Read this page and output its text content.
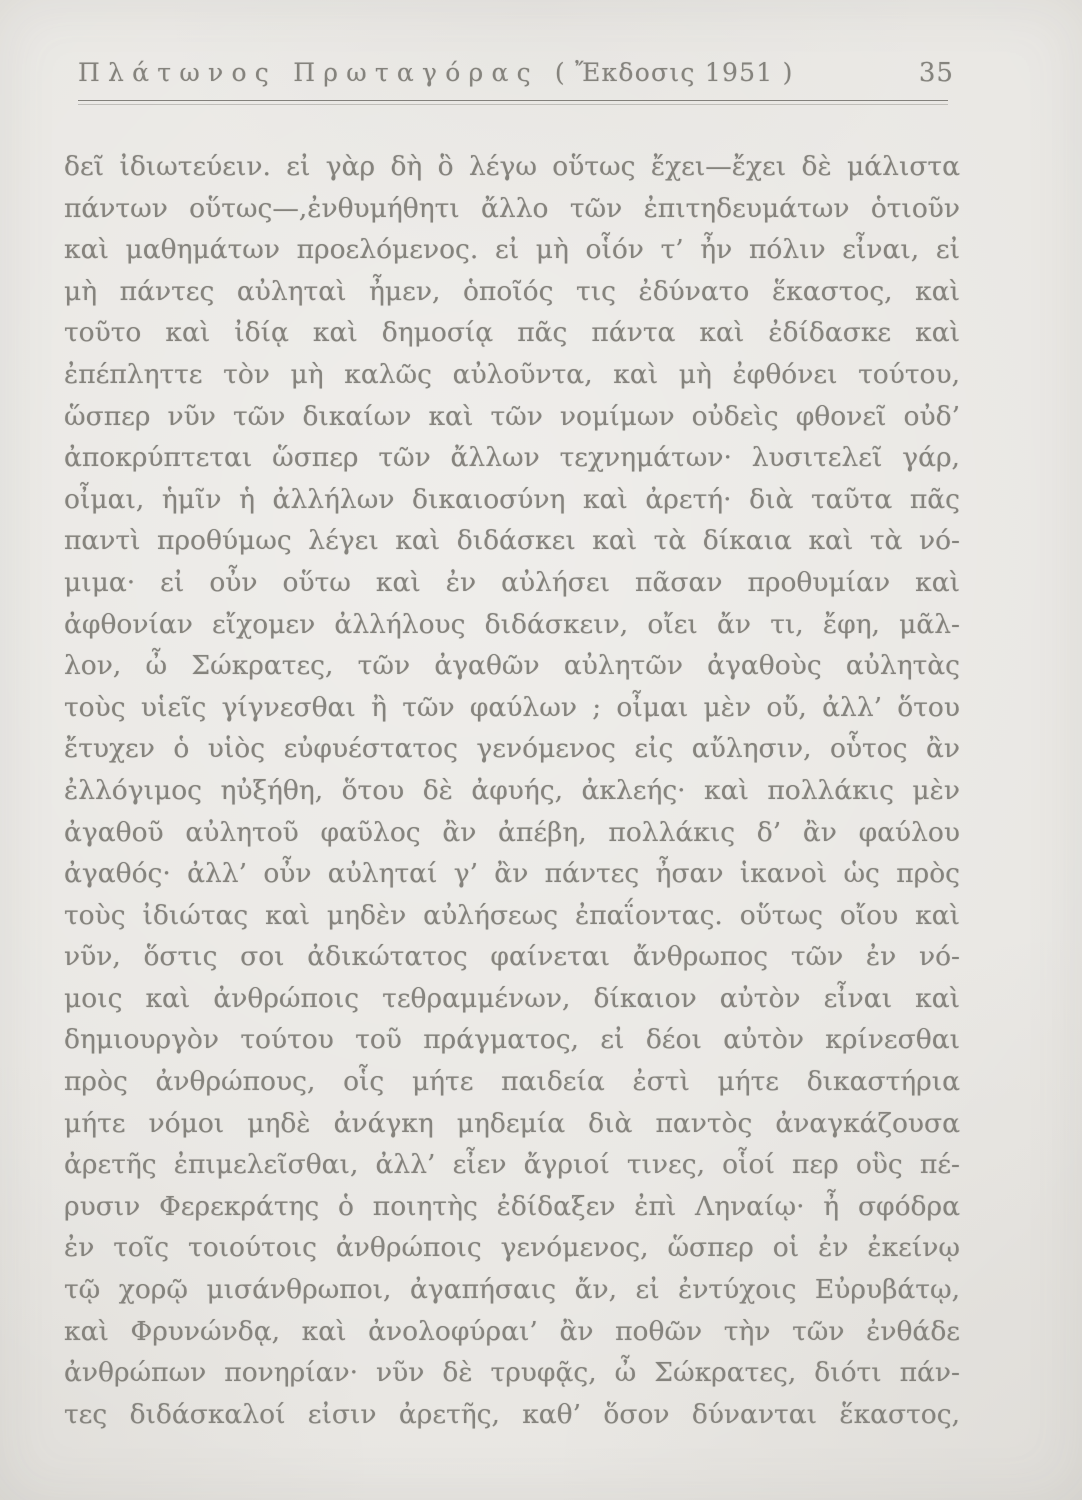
Πλάτωνος Πρωταγόρας ( Ἔκδοσις 1951 )	35
δεῖ ἰδιωτεύειν. εἰ γὰρ δὴ ὃ λέγω οὕτως ἔχει—ἔχει δὲ μάλιστα
πάντων οὕτως—,ἐνθυμήθητι ἄλλο τῶν ἐπιτηδευμάτων ὁτιοῦν
καὶ μαθημάτων προελόμενος. εἰ μὴ οἷόν τ’ ἦν πόλιν εἶναι, εἰ
μὴ πάντες αὐληταὶ ἦμεν, ὁποῖός τις ἐδύνατο ἕκαστος, καὶ
τοῦτο καὶ ἰδίᾳ καὶ δημοσίᾳ πᾶς πάντα καὶ ἐδίδασκε καὶ
ἐπέπληττε τὸν μὴ καλῶς αὐλοῦντα, καὶ μὴ ἐφθόνει τούτου,
ὥσπερ νῦν τῶν δικαίων καὶ τῶν νομίμων οὐδεὶς φθονεῖ οὐδ’
ἀποκρύπτεται ὥσπερ τῶν ἄλλων τεχνημάτων· λυσιτελεῖ γάρ,
οἶμαι, ἡμῖν ἡ ἀλλήλων δικαιοσύνη καὶ ἀρετή· διὰ ταῦτα πᾶς
παντὶ προθύμως λέγει καὶ διδάσκει καὶ τὰ δίκαια καὶ τὰ νό-
μιμα· εἰ οὖν οὕτω καὶ ἐν αὐλήσει πᾶσαν προθυμίαν καὶ
ἀφθονίαν εἴχομεν ἀλλήλους διδάσκειν, οἴει ἄν τι, ἔφη, μᾶλ-
λον, ὦ Σώκρατες, τῶν ἀγαθῶν αὐλητῶν ἀγαθοὺς αὐλητὰς
τοὺς υἱεῖς γίγνεσθαι ἢ τῶν φαύλων ; οἶμαι μὲν οὔ, ἀλλ’ ὅτου
ἔτυχεν ὁ υἱὸς εὐφυέστατος γενόμενος εἰς αὔλησιν, οὗτος ἂν
ἐλλόγιμος ηὐξήθη, ὅτου δὲ ἀφυής, ἀκλεής· καὶ πολλάκις μὲν
ἀγαθοῦ αὐλητοῦ φαῦλος ἂν ἀπέβη, πολλάκις δ’ ἂν φαύλου
ἀγαθός· ἀλλ’ οὖν αὐληταί γ’ ἂν πάντες ἦσαν ἱκανοὶ ὡς πρὸς
τοὺς ἰδιώτας καὶ μηδὲν αὐλήσεως ἐπαΐοντας. οὕτως οἴου καὶ
νῦν, ὅστις σοι ἀδικώτατος φαίνεται ἄνθρωπος τῶν ἐν νό-
μοις καὶ ἀνθρώποις τεθραμμένων, δίκαιον αὐτὸν εἶναι καὶ
δημιουργὸν τούτου τοῦ πράγματος, εἰ δέοι αὐτὸν κρίνεσθαι
πρὸς ἀνθρώπους, οἷς μήτε παιδεία ἐστὶ μήτε δικαστήρια
μήτε νόμοι μηδὲ ἀνάγκη μηδεμία διὰ παντὸς ἀναγκάζουσα
ἀρετῆς ἐπιμελεῖσθαι, ἀλλ’ εἶεν ἄγριοί τινες, οἷοί περ οὓς πέ-
ρυσιν Φερεκράτης ὁ ποιητὴς ἐδίδαξεν ἐπὶ Ληναίῳ· ἦ σφόδρα
ἐν τοῖς τοιούτοις ἀνθρώποις γενόμενος, ὥσπερ οἱ ἐν ἐκείνῳ
τῷ χορῷ μισάνθρωποι, ἀγαπήσαις ἄν, εἰ ἐντύχοις Εὐρυβάτῳ,
καὶ Φρυνώνδᾳ, καὶ ἀνολοφύραι’ ἂν ποθῶν τὴν τῶν ἐνθάδε
ἀνθρώπων πονηρίαν· νῦν δὲ τρυφᾷς, ὦ Σώκρατες, διότι πάν-
τες διδάσκαλοί εἰσιν ἀρετῆς, καθ’ ὅσον δύνανται ἕκαστος,
